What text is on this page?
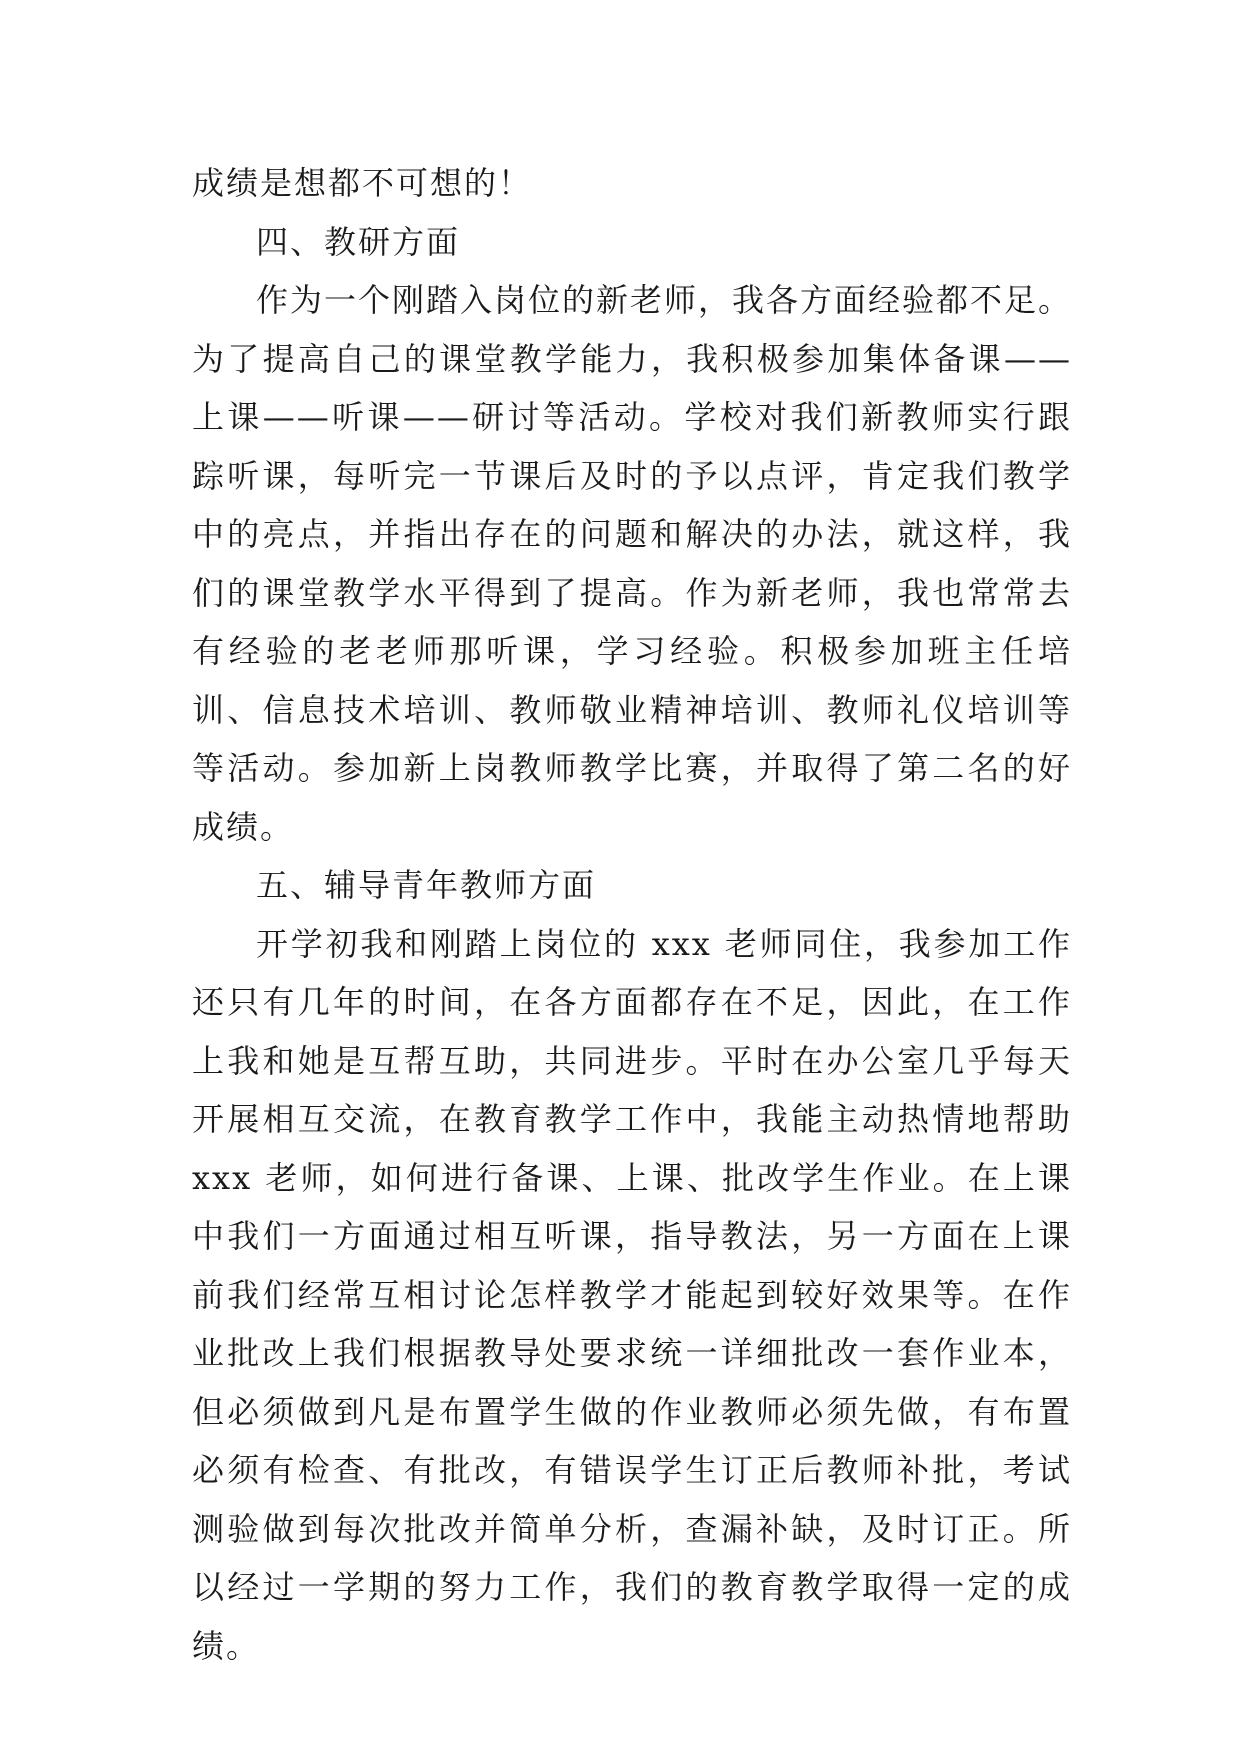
成绩是想都不可想的！

四、教研方面

作为一个刚踏入岗位的新老师，我各方面经验都不足。为了提高自己的课堂教学能力，我积极参加集体备课——上课——听课——研讨等活动。学校对我们新教师实行跟踪听课，每听完一节课后及时的予以点评，肯定我们教学中的亮点，并指出存在的问题和解决的办法，就这样，我们的课堂教学水平得到了提高。作为新老师，我也常常去有经验的老老师那听课，学习经验。积极参加班主任培训、信息技术培训、教师敬业精神培训、教师礼仪培训等等活动。参加新上岗教师教学比赛，并取得了第二名的好成绩。

五、辅导青年教师方面

开学初我和刚踏上岗位的 xxx 老师同住，我参加工作还只有几年的时间，在各方面都存在不足，因此，在工作上我和她是互帮互助，共同进步。平时在办公室几乎每天开展相互交流，在教育教学工作中，我能主动热情地帮助 xxx 老师，如何进行备课、上课、批改学生作业。在上课中我们一方面通过相互听课，指导教法，另一方面在上课前我们经常互相讨论怎样教学才能起到较好效果等。在作业批改上我们根据教导处要求统一详细批改一套作业本，但必须做到凡是布置学生做的作业教师必须先做，有布置必须有检查、有批改，有错误学生订正后教师补批，考试测验做到每次批改并简单分析，查漏补缺，及时订正。所以经过一学期的努力工作，我们的教育教学取得一定的成绩。
